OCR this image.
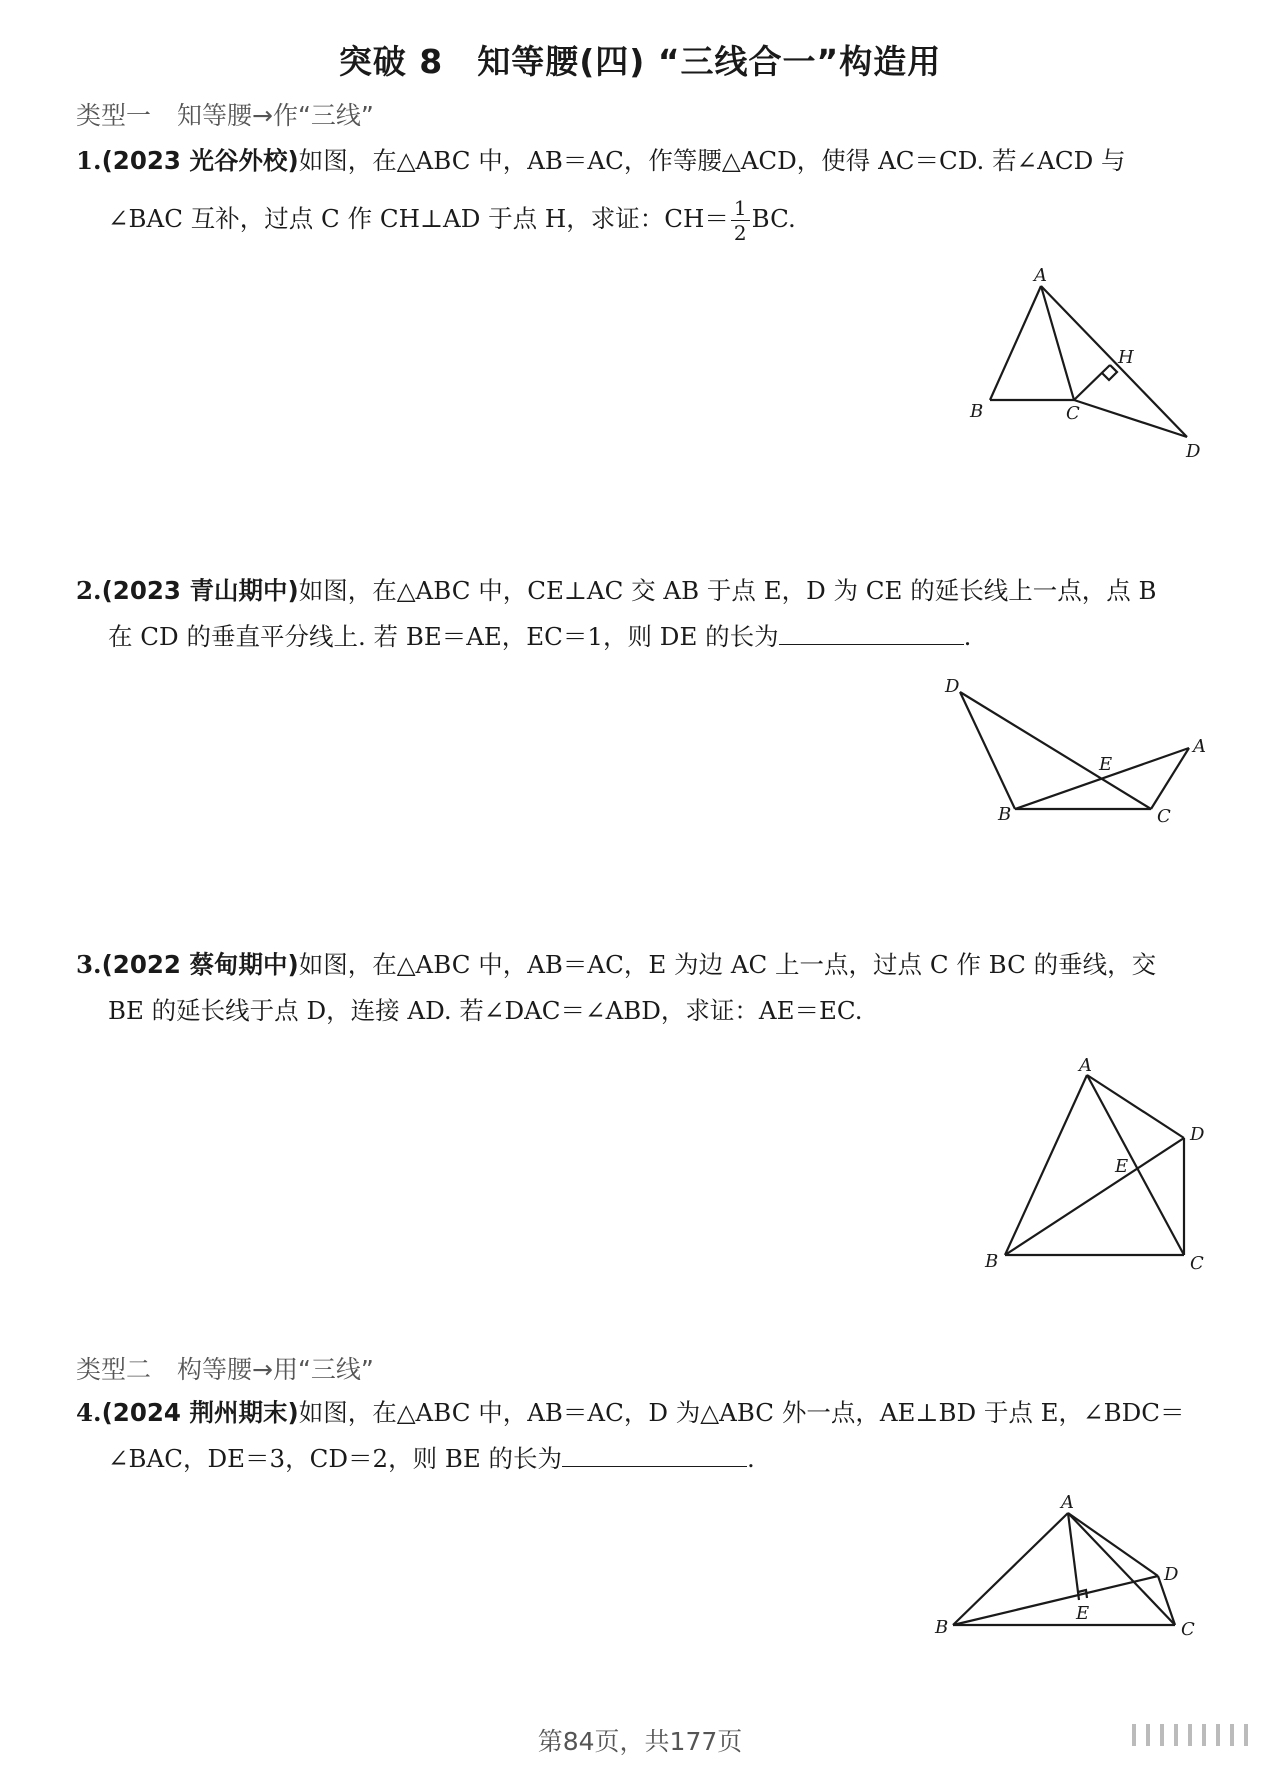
突破 8　知等腰(四) “三线合一”构造用
类型一 知等腰→作“三线”
1.(2023 光谷外校)如图，在△ABC 中，AB＝AC，作等腰△ACD，使得 AC＝CD. 若∠ACD 与
∠BAC 互补，过点 C 作 CH⊥AD 于点 H，求证：$CH= \frac{1}{2}$ BC.
A
B	C
D
H
2.(2023 青山期中)如图，在△ABC 中，CE⊥AC 交 AB 于点 E，D 为 CE 的延长线上一点，点 B
在 CD 的垂直平分线上. 若 BE＝AE，EC＝1，则 DE 的长为	.
D
A
E
B	C
3.(2022 蔡甸期中)如图，在△ABC 中，AB＝AC，E 为边 AC 上一点，过点 C 作 BC 的垂线，交
BE 的延长线于点 D，连接 AD. 若∠DAC＝∠ABD，求证：AE＝EC.
A
D
E
B	C
类型二 构等腰→用“三线”
4.(2024 荆州期末)如图，在△ABC 中，AB＝AC，D 为△ABC 外一点，AE⊥BD 于点 E，∠BDC＝
∠BAC，DE＝3，CD＝2，则 BE 的长为	.
A
D
E
B	C
第84页，共177页
